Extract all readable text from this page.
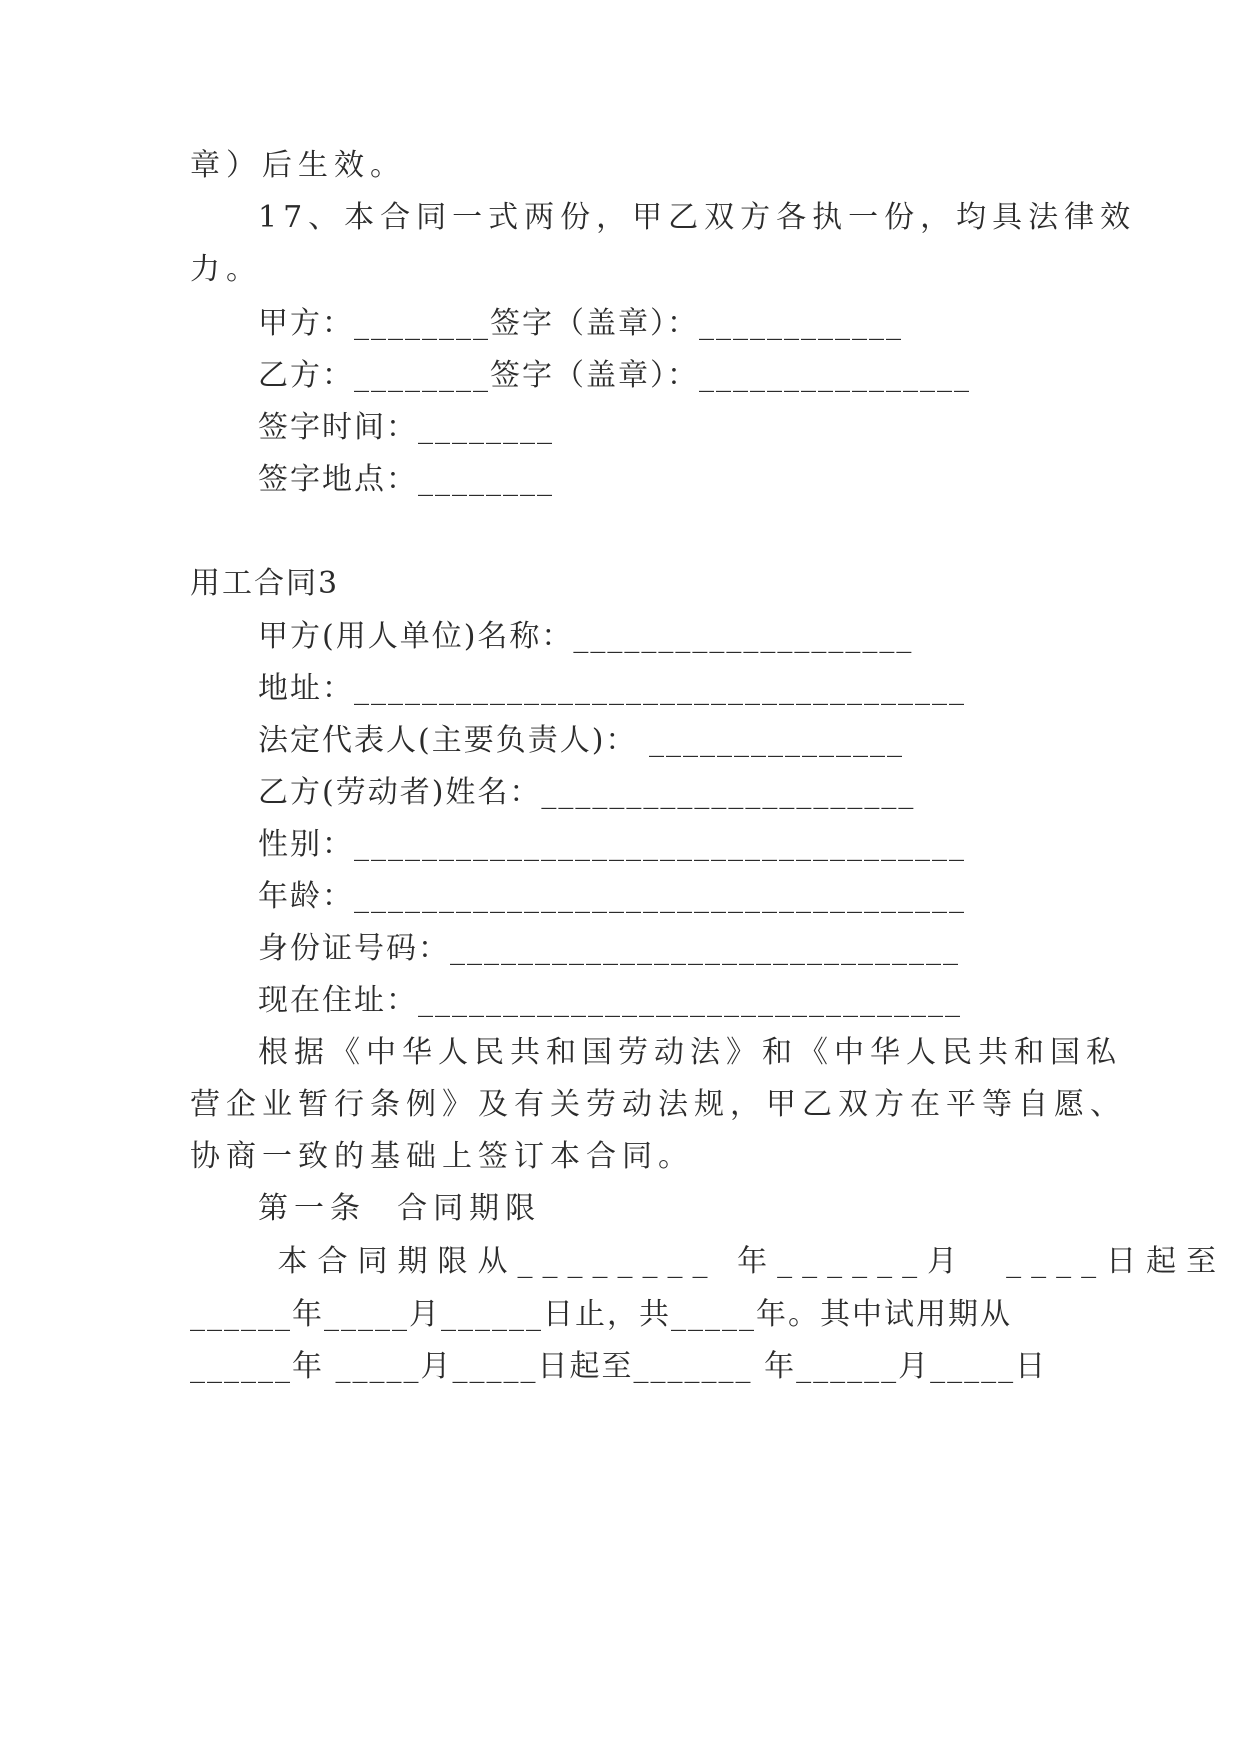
章）后生效。
17、本合同一式两份，甲乙双方各执一份，均具法律效
力。
甲方：________签字（盖章）：____________
乙方：________签字（盖章）：________________
签字时间：________
签字地点：________
用工合同3
甲方(用人单位)名称：____________________
地址：____________________________________
法定代表人(主要负责人)： _______________
乙方(劳动者)姓名：______________________
性别：____________________________________
年龄：____________________________________
身份证号码：______________________________
现在住址：________________________________
根据《中华人民共和国劳动法》和《中华人民共和国私
营企业暂行条例》及有关劳动法规，甲乙双方在平等自愿、
协商一致的基础上签订本合同。
第一条  合同期限
本合同期限从________ 年______月  ____日起至
______年_____月______日止，共_____年。其中试用期从
______年 _____月_____日起至_______ 年______月_____日
